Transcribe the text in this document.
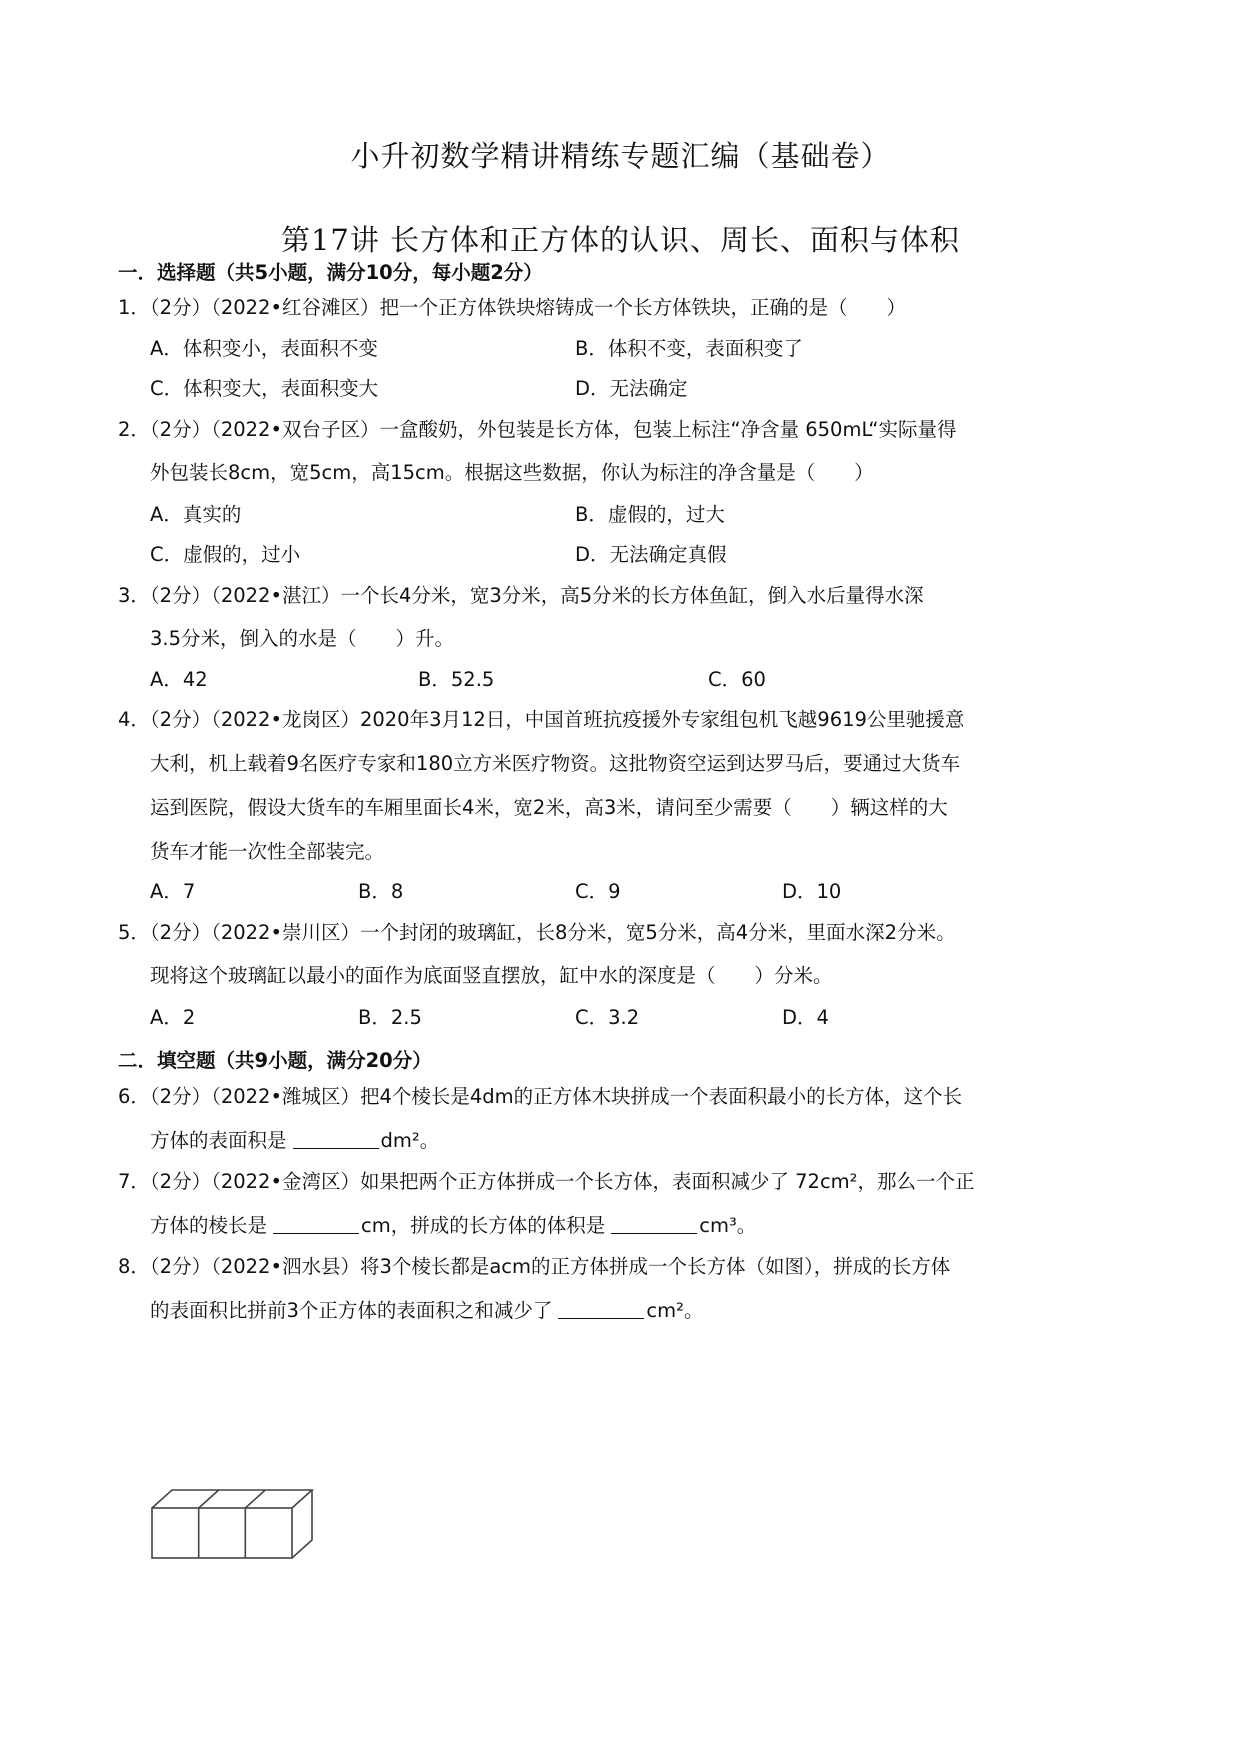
小升初数学精讲精练专题汇编（基础卷）
第17讲 长方体和正方体的认识、周长、面积与体积
一．选择题（共5小题，满分10分，每小题2分）
1．（2分）（2022•红谷滩区）把一个正方体铁块熔铸成一个长方体铁块，正确的是（　　）
A．体积变小，表面积不变	B．体积不变，表面积变了
C．体积变大，表面积变大	D．无法确定
2．（2分）（2022•双台子区）一盒酸奶，外包装是长方体，包装上标注“净含量 650mL“实际量得
外包装长8cm，宽5cm，高15cm。根据这些数据，你认为标注的净含量是（　　）
A．真实的	B．虚假的，过大
C．虚假的，过小	D．无法确定真假
3．（2分）（2022•湛江）一个长4分米，宽3分米，高5分米的长方体鱼缸，倒入水后量得水深
3.5分米，倒入的水是（　　）升。
A．42	B．52.5	C．60
4．（2分）（2022•龙岗区）2020年3月12日，中国首班抗疫援外专家组包机飞越9619公里驰援意
大利，机上载着9名医疗专家和180立方米医疗物资。这批物资空运到达罗马后，要通过大货车
运到医院，假设大货车的车厢里面长4米，宽2米，高3米，请问至少需要（　　）辆这样的大
货车才能一次性全部装完。
A．7	B．8	C．9	D．10
5．（2分）（2022•崇川区）一个封闭的玻璃缸，长8分米，宽5分米，高4分米，里面水深2分米。
现将这个玻璃缸以最小的面作为底面竖直摆放，缸中水的深度是（　　）分米。
A．2	B．2.5	C．3.2	D．4
二．填空题（共9小题，满分20分）
6．（2分）（2022•潍城区）把4个棱长是4dm的正方体木块拼成一个表面积最小的长方体，这个长
方体的表面积是	dm²。
7．（2分）（2022•金湾区）如果把两个正方体拼成一个长方体，表面积减少了 72cm²，那么一个正
方体的棱长是	cm，拼成的长方体的体积是	cm³。
8．（2分）（2022•泗水县）将3个棱长都是acm的正方体拼成一个长方体（如图），拼成的长方体
的表面积比拼前3个正方体的表面积之和减少了	cm²。
